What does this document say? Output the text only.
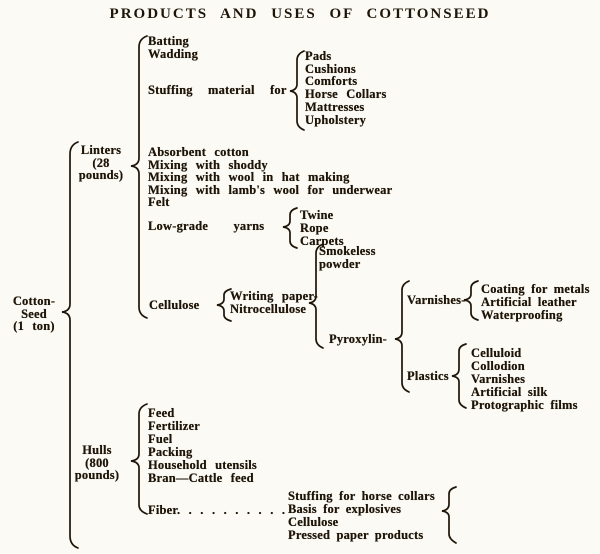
PRODUCTS AND USES OF COTTONSEED
Cotton-
Seed
(1 ton)
Linters
(28
pounds)
Batting
Wadding
Stuffing material for
Pads
Cushions
Comforts
Horse Collars
Mattresses
Upholstery
Absorbent cotton
Mixing with shoddy
Mixing with wool in hat making
Mixing with lamb's wool for underwear
Felt
Low-grade yarns
Twine
Rope
Carpets
Cellulose
Writing paper-
Nitrocellulose
Smokeless
powder
Pyroxylin-
Varnishes-
Coating for metals
Artificial leather
Waterproofing
Plastics
Celluloid
Collodion
Varnishes
Artificial silk
Protographic films
Hulls
(800
pounds)
Feed
Fertilizer
Fuel
Packing
Household utensils
Bran—Cattle feed
Fiber. . . . . . . . . .
Stuffing for horse collars
Basis for explosives
Cellulose
Pressed paper products
